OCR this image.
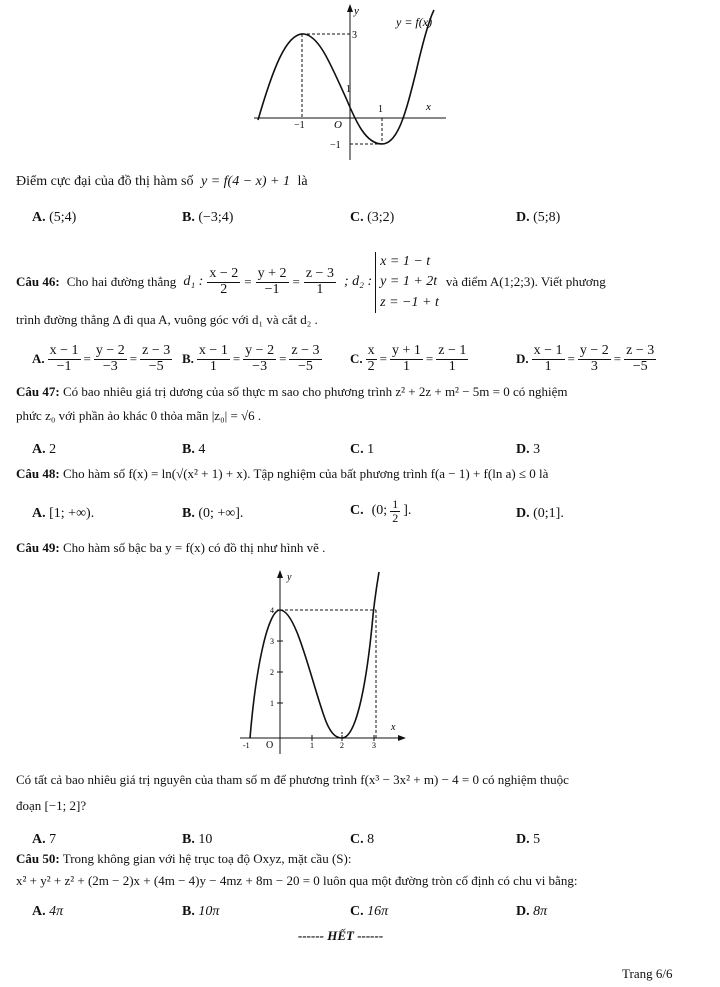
y = f(x)
y
x
O
3
1
1
−1
−1
Điểm cực đại của đồ thị hàm số y = f(4 − x) + 1 là
A. (5;4)	B. (−3;4)	C. (3;2)	D. (5;8)
Câu 46: Cho hai đường thẳng d₁ : $\frac{x - 2}{2} = \frac{y + 2}{-1} = \frac{z - 3}{1}$ ; d₂ :
x = 1 − t
y = 1 + 2t
z = −1 + t
và điểm A(1;2;3). Viết phương
trình đường thẳng Δ đi qua A, vuông góc với d₁ và cắt d₂ .
A. $\frac{x - 1}{-1} = \frac{y - 2}{-3} = \frac{z - 3}{-5} B$. $\frac{x - 1}{1} = \frac{y - 2}{-3} = \frac{z - 3}{-5} C$. $\frac{x}{2} = \frac{y + 1}{1} = \frac{z - 1}{1}$	D. $\frac{x - 1}{1} = \frac{y - 2}{3} = \frac{z - 3}{-5}$
Câu 47: Có bao nhiêu giá trị dương của số thực m sao cho phương trình z² + 2z + m² − 5m = 0 có nghiệm
phức z₀ với phần ảo khác 0 thỏa mãn |z₀| = √6 .
A. 2	B. 4	C. 1	D. 3
Câu 48: Cho hàm số f(x) = ln(√(x² + 1) + x). Tập nghiệm của bất phương trình f(a − 1) + f(ln a) ≤ 0 là
A. [1; +∞).	B. (0; +∞].	C. (0; $\frac{1}{2}$ ].	D. (0;1].
Câu 49: Cho hàm số bậc ba y = f(x) có đồ thị như hình vẽ .
y
x
O
-1
1
2
3
4
1	2	3
Có tất cả bao nhiêu giá trị nguyên của tham số m để phương trình f(x³ − 3x² + m) − 4 = 0 có nghiệm thuộc
đoạn [−1; 2]?
A. 7	B. 10	C. 8	D. 5
Câu 50: Trong không gian với hệ trục toạ độ Oxyz, mặt cầu (S):
x² + y² + z² + (2m − 2)x + (4m − 4)y − 4mz + 8m − 20 = 0 luôn qua một đường tròn cố định có chu vi bằng:
A. 4π	B. 10π	C. 16π	D. 8π
------ HẾT ------
Trang 6/6
